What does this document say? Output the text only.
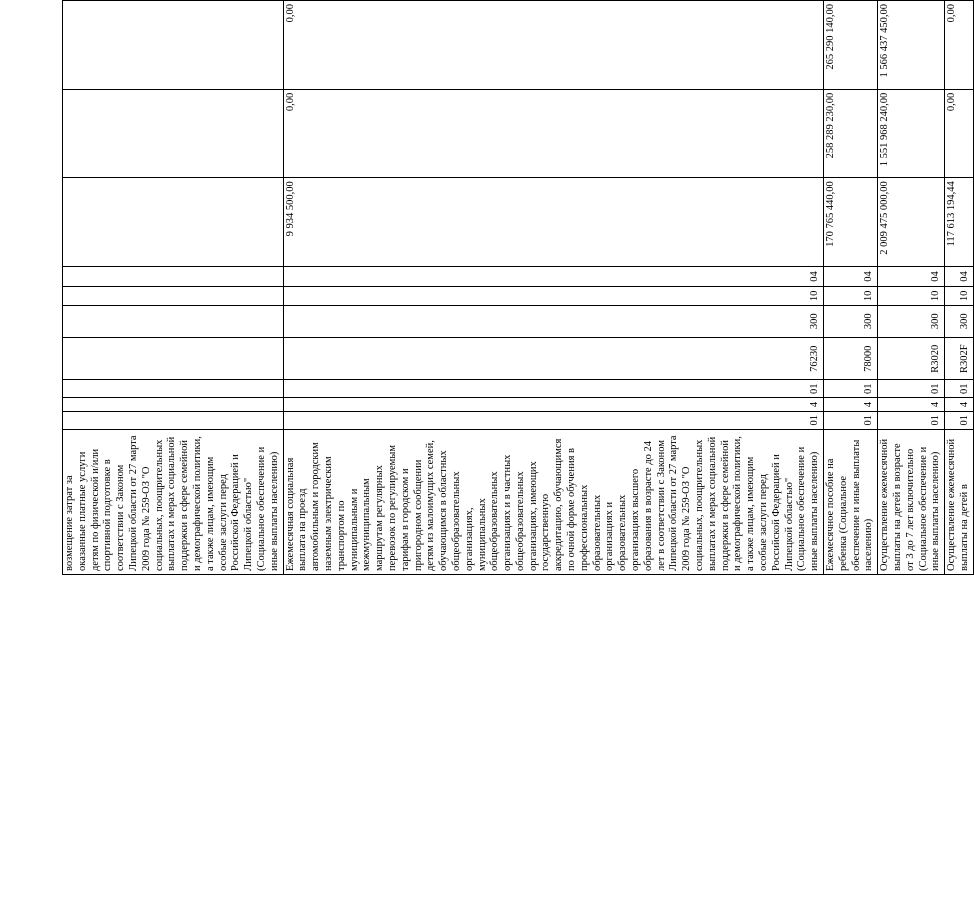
возмещение затрат за оказанные платные услуги детям по физической и/или спортивной подготовке в соответствии с Законом Липецкой области от 27 марта 2009 года № 259-ОЗ "О социальных, поощрительных выплатах и мерах социальной поддержки в сфере семейной и демографической политики, а также лицам, имеющим особые заслуги перед Российской Федерацией и Липецкой областью" (Социальное обеспечение и иные выплаты населению)										
Ежемесячная социальная выплата на проезд автомобильным и городским наземным электрическим транспортом по муниципальным и межмуниципальным маршрутам регулярных перевозок по регулируемым тарифам в городском и пригородном сообщении детям из малоимущих семей, обучающимся в областных общеобразовательных организациях, муниципальных общеобразовательных организациях и в частных общеобразовательных организациях, имеющих государственную аккредитацию, обучающимся по очной форме обучения в профессиональных образовательных организациях и образовательных организациях высшего образования в возрасте до 24 лет в соответствии с Законом Липецкой области от 27 марта 2009 года № 259-ОЗ "О социальных, поощрительных выплатах и мерах социальной поддержки в сфере семейной и демографической политики, а также лицам, имеющим особые заслуги перед Российской Федерацией и Липецкой областью" (Социальное обеспечение и иные выплаты населению)	01	4	01	76230	300	10	04	9 934 500,00	0,00	0,00
Ежемесячное пособие на ребенка (Социальное обеспечение и иные выплаты населению)	01	4	01	78000	300	10	04	170 765 440,00	258 289 230,00	265 290 140,00
Осуществление ежемесячной выплаты на детей в возрасте от 3 до 7 лет включительно (Социальное обеспечение и иные выплаты населению)	01	4	01	R3020	300	10	04	2 009 475 000,00	1 551 968 240,00	1 566 437 450,00
Осуществление ежемесячной выплаты на детей в	01	4	01	R302F	300	10	04	117 613 194,44	0,00	0,00
